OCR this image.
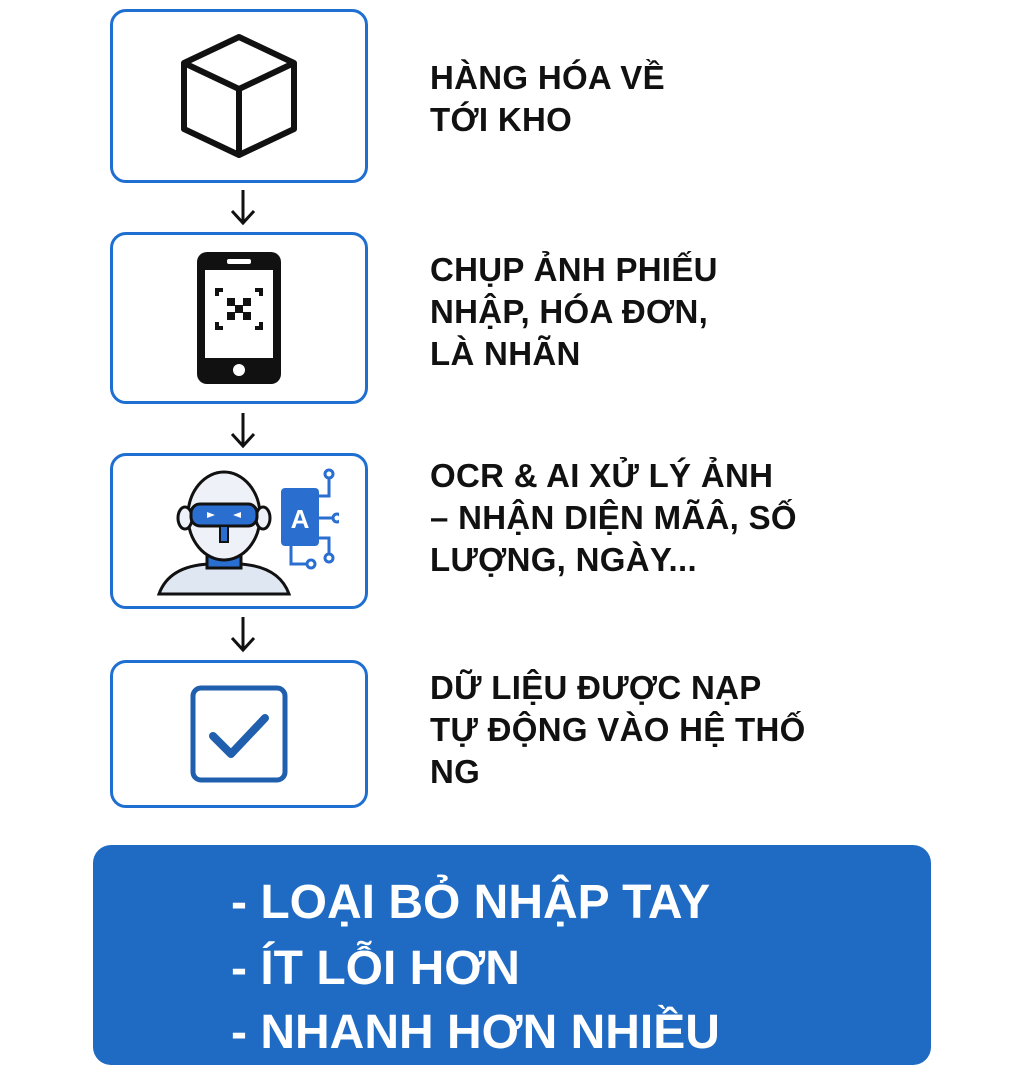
A
HÀNG HÓA VỀ
TỚI KHO
CHỤP ẢNH PHIẾU
NHẬP, HÓA ĐƠN,
LÀ NHÃN
OCR & AI XỬ LÝ ẢNH
– NHẬN DIỆN MÃÂ, SỐ
LƯỢNG, NGÀY...
DỮ LIỆU ĐƯỢC NẠP
TỰ ĐỘNG VÀO HỆ THỐ
NG
- LOẠI BỎ NHẬP TAY
- ÍT LỖI HƠN
- NHANH HƠN NHIỀU
